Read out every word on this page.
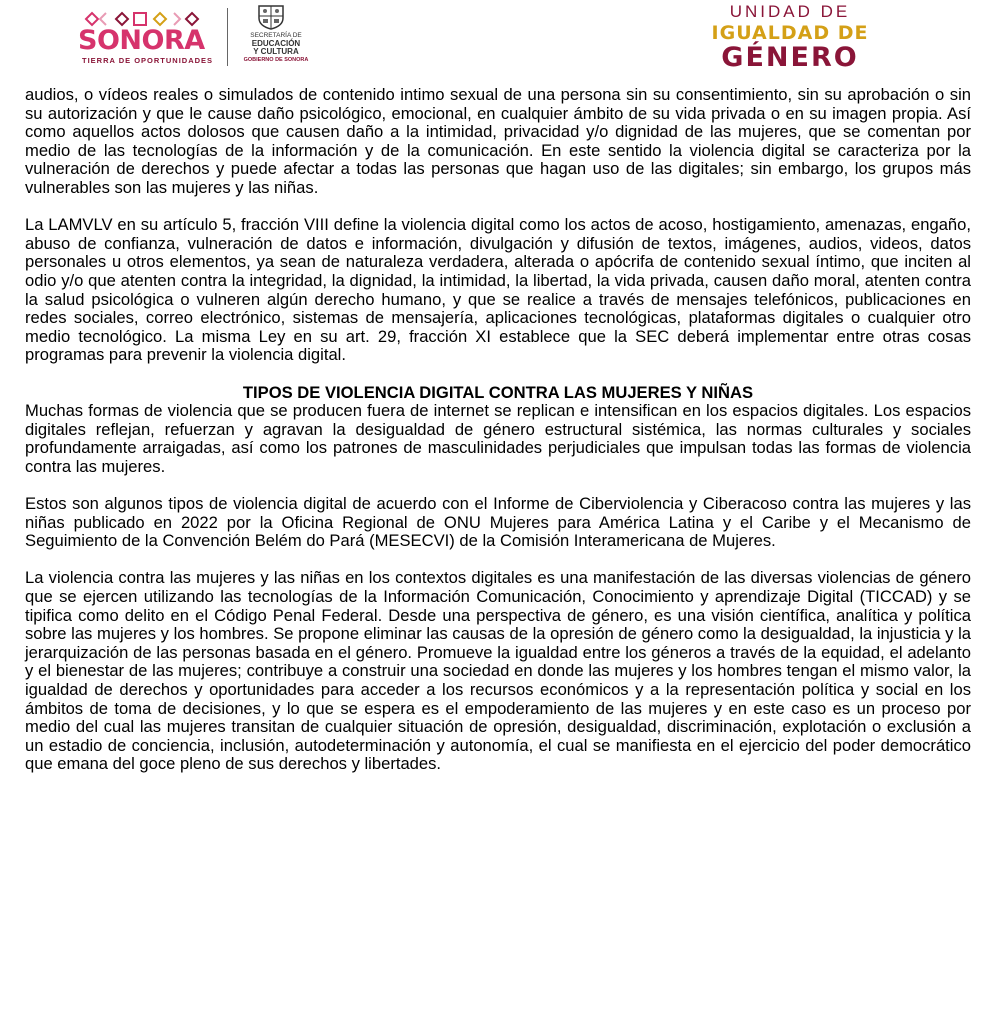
SONORA
TIERRA DE OPORTUNIDADES
SECRETARÍA DE
EDUCACIÓN
Y CULTURA
GOBIERNO DE SONORA
UNIDAD DE
IGUALDAD DE
GÉNERO

audios, o vídeos reales o simulados de contenido intimo sexual de una persona sin su consentimiento, sin su aprobación o sin su autorización y que le cause daño psicológico, emocional, en cualquier ámbito de su vida privada o en su imagen propia. Así como aquellos actos dolosos que causen daño a la intimidad, privacidad y/o dignidad de las mujeres, que se comentan por medio de las tecnologías de la información y de la comunicación. En este sentido la violencia digital se caracteriza por la vulneración de derechos y puede afectar a todas las personas que hagan uso de las digitales; sin embargo, los grupos más vulnerables son las mujeres y las niñas.

La LAMVLV en su artículo 5, fracción VIII define la violencia digital como los actos de acoso, hostigamiento, amenazas, engaño, abuso de confianza, vulneración de datos e información, divulgación y difusión de textos, imágenes, audios, videos, datos personales u otros elementos, ya sean de naturaleza verdadera, alterada o apócrifa de contenido sexual íntimo, que inciten al odio y/o que atenten contra la integridad, la dignidad, la intimidad, la libertad, la vida privada, causen daño moral, atenten contra la salud psicológica o vulneren algún derecho humano, y que se realice a través de mensajes telefónicos, publicaciones en redes sociales, correo electrónico, sistemas de mensajería, aplicaciones tecnológicas, plataformas digitales o cualquier otro medio tecnológico. La misma Ley en su art. 29, fracción XI establece que la SEC deberá implementar entre otras cosas programas para prevenir la violencia digital.

TIPOS DE VIOLENCIA DIGITAL CONTRA LAS MUJERES Y NIÑAS

Muchas formas de violencia que se producen fuera de internet se replican e intensifican en los espacios digitales. Los espacios digitales reflejan, refuerzan y agravan la desigualdad de género estructural sistémica, las normas culturales y sociales profundamente arraigadas, así como los patrones de masculinidades perjudiciales que impulsan todas las formas de violencia contra las mujeres.

Estos son algunos tipos de violencia digital de acuerdo con el Informe de Ciberviolencia y Ciberacoso contra las mujeres y las niñas publicado en 2022 por la Oficina Regional de ONU Mujeres para América Latina y el Caribe y el Mecanismo de Seguimiento de la Convención Belém do Pará (MESECVI) de la Comisión Interamericana de Mujeres.

La violencia contra las mujeres y las niñas en los contextos digitales es una manifestación de las diversas violencias de género que se ejercen utilizando las tecnologías de la Información Comunicación, Conocimiento y aprendizaje Digital (TICCAD) y se tipifica como delito en el Código Penal Federal. Desde una perspectiva de género, es una visión científica, analítica y política sobre las mujeres y los hombres. Se propone eliminar las causas de la opresión de género como la desigualdad, la injusticia y la jerarquización de las personas basada en el género. Promueve la igualdad entre los géneros a través de la equidad, el adelanto y el bienestar de las mujeres; contribuye a construir una sociedad en donde las mujeres y los hombres tengan el mismo valor, la igualdad de derechos y oportunidades para acceder a los recursos económicos y a la representación política y social en los ámbitos de toma de decisiones, y lo que se espera es el empoderamiento de las mujeres y en este caso es un proceso por medio del cual las mujeres transitan de cualquier situación de opresión, desigualdad, discriminación, explotación o exclusión a un estadio de conciencia, inclusión, autodeterminación y autonomía, el cual se manifiesta en el ejercicio del poder democrático que emana del goce pleno de sus derechos y libertades.
